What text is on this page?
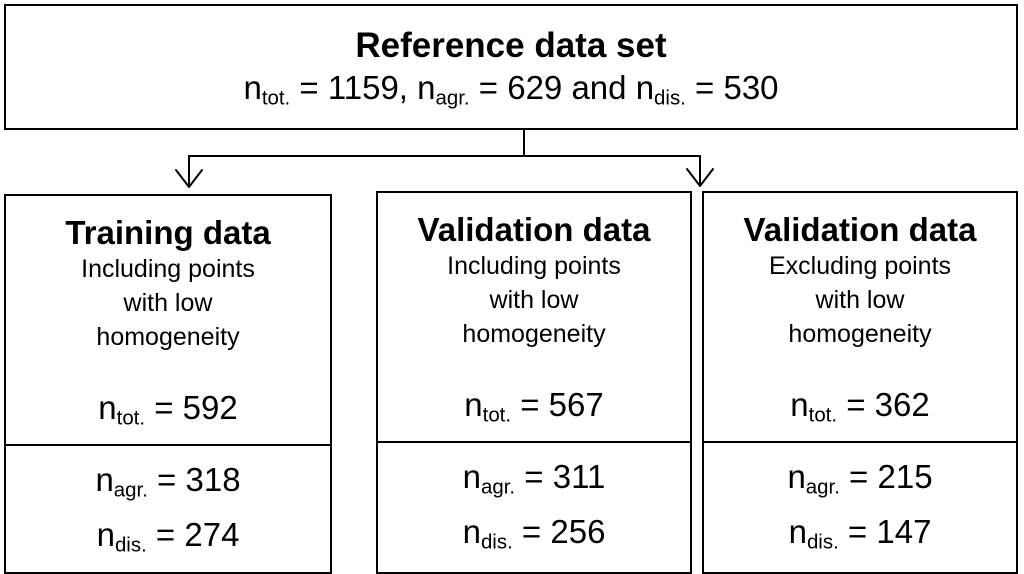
Reference data set
$n_{tot.} = 1159$, $n_{agr.} = 629$ and $n_{dis.} = 530$
Training data
Including points
with low
homogeneity
$n_{tot.} = 592$
$n_{agr.} = 318$
$n_{dis.} = 274$
Validation data
Including points
with low
homogeneity
$n_{tot.} = 567$
$n_{agr.} = 311$
$n_{dis.} = 256$
Validation data
Excluding points
with low
homogeneity
$n_{tot.} = 362$
$n_{agr.} = 215$
$n_{dis.} = 147$
